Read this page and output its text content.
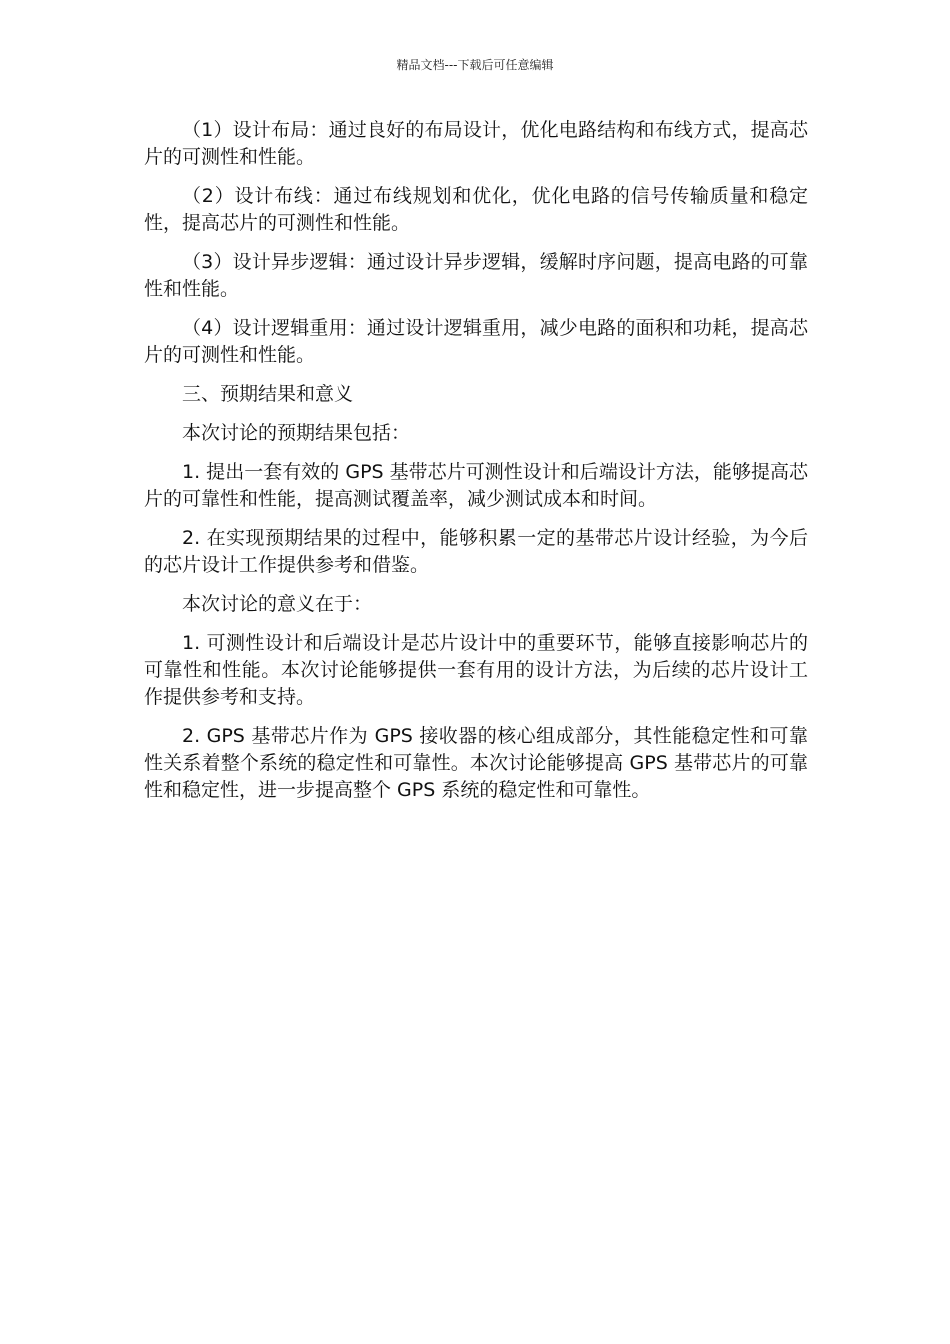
精品文档---下载后可任意编辑

（1）设计布局：通过良好的布局设计，优化电路结构和布线方式，提高芯片的可测性和性能。

（2）设计布线：通过布线规划和优化，优化电路的信号传输质量和稳定性，提高芯片的可测性和性能。

（3）设计异步逻辑：通过设计异步逻辑，缓解时序问题，提高电路的可靠性和性能。

（4）设计逻辑重用：通过设计逻辑重用，减少电路的面积和功耗，提高芯片的可测性和性能。

三、预期结果和意义

本次讨论的预期结果包括：

1. 提出一套有效的 GPS 基带芯片可测性设计和后端设计方法，能够提高芯片的可靠性和性能，提高测试覆盖率，减少测试成本和时间。

2. 在实现预期结果的过程中，能够积累一定的基带芯片设计经验，为今后的芯片设计工作提供参考和借鉴。

本次讨论的意义在于：

1. 可测性设计和后端设计是芯片设计中的重要环节，能够直接影响芯片的可靠性和性能。本次讨论能够提供一套有用的设计方法，为后续的芯片设计工作提供参考和支持。

2. GPS 基带芯片作为 GPS 接收器的核心组成部分，其性能稳定性和可靠性关系着整个系统的稳定性和可靠性。本次讨论能够提高 GPS 基带芯片的可靠性和稳定性，进一步提高整个 GPS 系统的稳定性和可靠性。
